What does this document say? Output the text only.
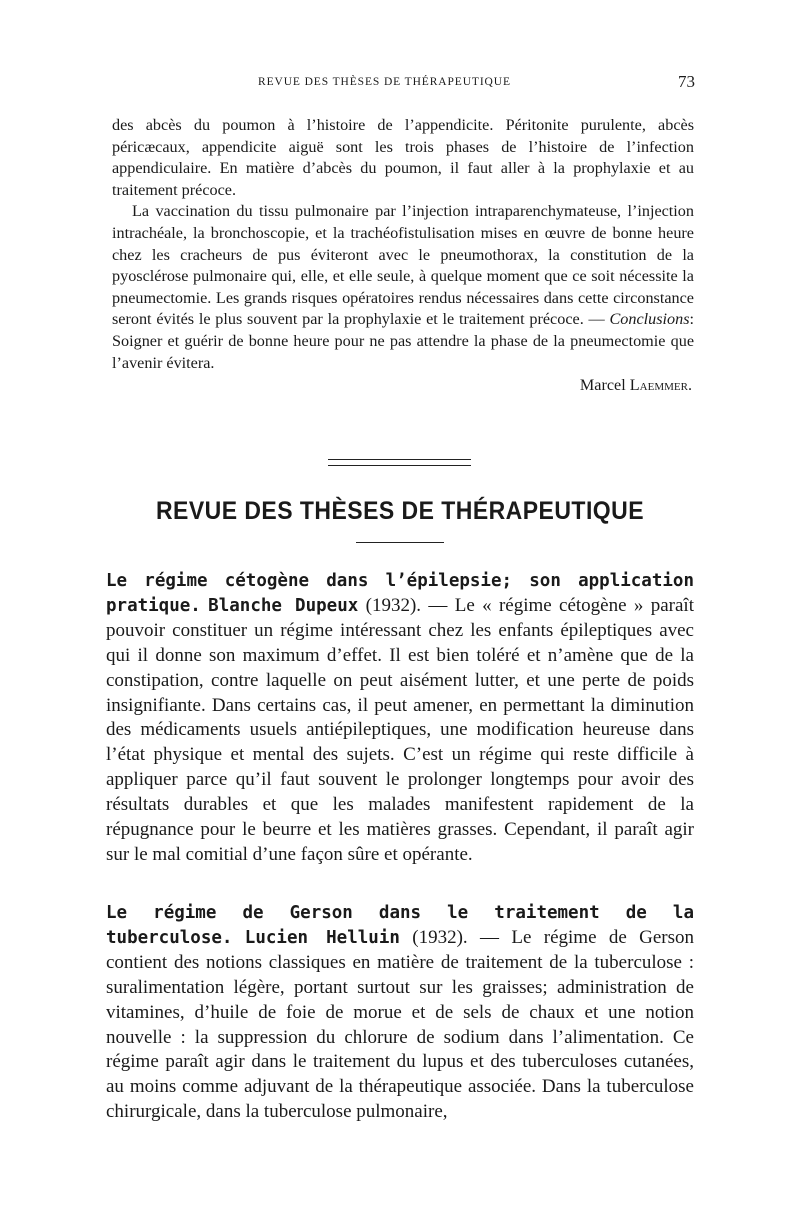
REVUE DES THÈSES DE THÉRAPEUTIQUE	73

des abcès du poumon à l’histoire de l’appendicite. Péritonite purulente, abcès péricæcaux, appendicite aiguë sont les trois phases de l’histoire de l’infection appendiculaire. En matière d’abcès du poumon, il faut aller à la prophylaxie et au traitement précoce.

La vaccination du tissu pulmonaire par l’injection intraparenchymateuse, l’injection intrachéale, la bronchoscopie, et la trachéofistulisation mises en œuvre de bonne heure chez les cracheurs de pus éviteront avec le pneumothorax, la constitution de la pyosclérose pulmonaire qui, elle, et elle seule, à quelque moment que ce soit nécessite la pneumectomie. Les grands risques opératoires rendus nécessaires dans cette circonstance seront évités le plus souvent par la prophylaxie et le traitement précoce. — Conclusions: Soigner et guérir de bonne heure pour ne pas attendre la phase de la pneumectomie que l’avenir évitera.

Marcel Laemmer.
REVUE DES THÈSES DE THÉRAPEUTIQUE

Le régime cétogène dans l’épilepsie; son application pratique. Blanche Dupeux (1932). — Le « régime cétogène » paraît pouvoir constituer un régime intéressant chez les enfants épileptiques avec qui il donne son maximum d’effet. Il est bien toléré et n’amène que de la constipation, contre laquelle on peut aisément lutter, et une perte de poids insignifiante. Dans certains cas, il peut amener, en permettant la diminution des médicaments usuels antiépileptiques, une modification heureuse dans l’état physique et mental des sujets. C’est un régime qui reste difficile à appliquer parce qu’il faut souvent le prolonger longtemps pour avoir des résultats durables et que les malades manifestent rapidement de la répugnance pour le beurre et les matières grasses. Cependant, il paraît agir sur le mal comitial d’une façon sûre et opérante.

Le régime de Gerson dans le traitement de la tuberculose. Lucien Helluin (1932). — Le régime de Gerson contient des notions classiques en matière de traitement de la tuberculose : suralimentation légère, portant surtout sur les graisses; administration de vitamines, d’huile de foie de morue et de sels de chaux et une notion nouvelle : la suppression du chlorure de sodium dans l’alimentation. Ce régime paraît agir dans le traitement du lupus et des tuberculoses cutanées, au moins comme adjuvant de la thérapeutique associée. Dans la tuberculose chirurgicale, dans la tuberculose pulmonaire,
